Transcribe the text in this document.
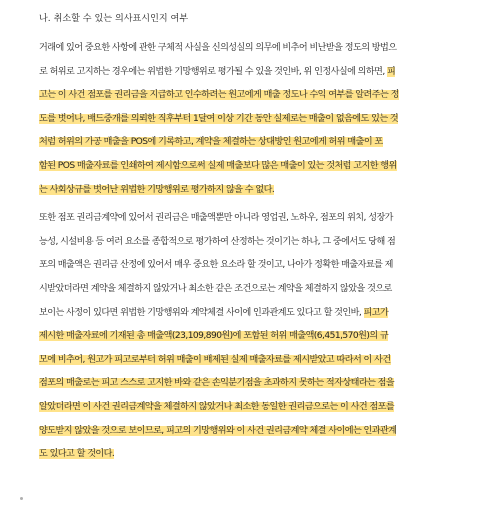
나. 취소할 수 있는 의사표시인지 여부
거래에 있어 중요한 사항에 관한 구체적 사실을 신의성실의 의무에 비추어 비난받을 정도의 방법으
로 허위로 고지하는 경우에는 위법한 기망행위로 평가될 수 있을 것인바, 위 인정사실에 의하면, 피
고는 이 사건 점포를 권리금을 지급하고 인수하려는 원고에게 매출 정도나 수익 여부를 알려주는 정
도를 벗어나, 배드중개를 의뢰한 직후부터 1달여 이상 기간 동안 실제로는 매출이 없음에도 있는 것
처럼 허위의 가공 매출을 POS에 기록하고, 계약을 체결하는 상대방인 원고에게 허위 매출이 포
함된 POS 매출자료를 인쇄하여 제시함으로써 실제 매출보다 많은 매출이 있는 것처럼 고지한 행위
는 사회상규를 벗어난 위법한 기망행위로 평가하지 않을 수 없다.
또한 점포 권리금계약에 있어서 권리금은 매출액뿐만 아니라 영업권, 노하우, 점포의 위치, 성장가
능성, 시설비용 등 여러 요소를 종합적으로 평가하여 산정하는 것이기는 하나, 그 중에서도 당해 점
포의 매출액은 권리금 산정에 있어서 매우 중요한 요소라 할 것이고, 나아가 정확한 매출자료를 제
시받았더라면 계약을 체결하지 않았거나 최소한 같은 조건으로는 계약을 체결하지 않았을 것으로
보이는 사정이 있다면 위법한 기망행위와 계약체결 사이에 인과관계도 있다고 할 것인바, 피고가
제시한 매출자료에 기재된 총 매출액(23,109,890원)에 포함된 허위 매출액(6,451,570원)의 규
모에 비추어, 원고가 피고로부터 허위 매출이 배제된 실제 매출자료를 제시받았고 따라서 이 사건
점포의 매출로는 피고 스스로 고지한 바와 같은 손익분기점을 초과하지 못하는 적자상태라는 점을
알았더라면 이 사건 권리금계약을 체결하지 않았거나 최소한 동일한 권리금으로는 이 사건 점포를
양도받지 않았을 것으로 보이므로, 피고의 기망행위와 이 사건 권리금계약 체결 사이에는 인과관계
도 있다고 할 것이다.
